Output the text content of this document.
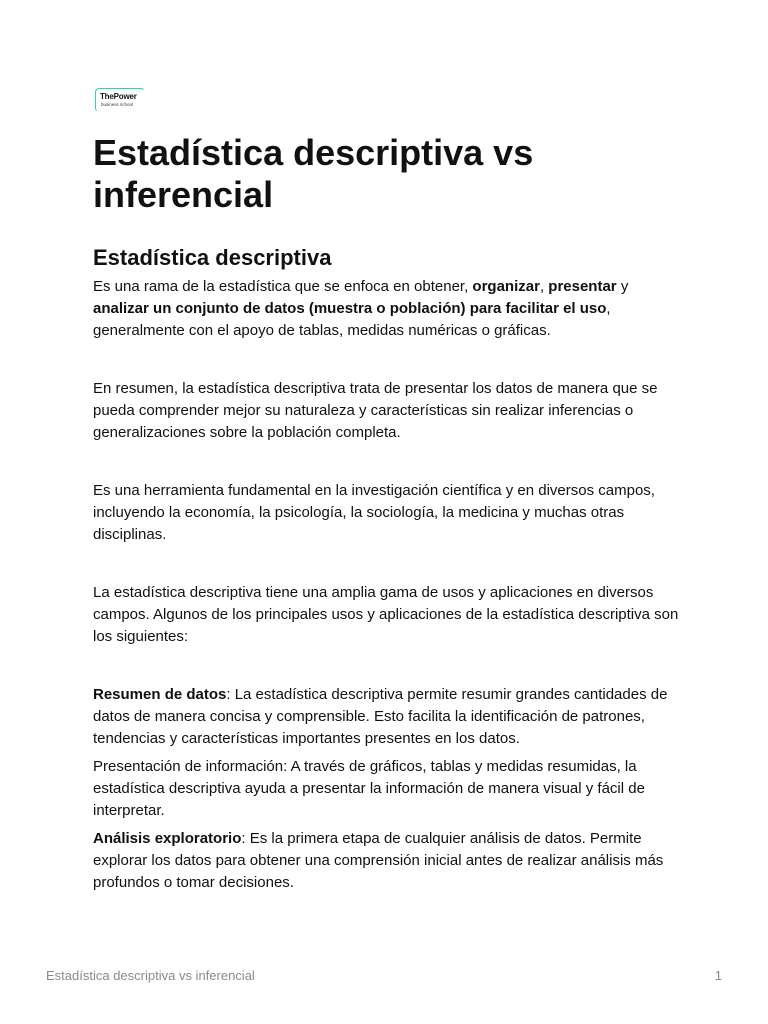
ThePower
business school
Estadística descriptiva vs inferencial
Estadística descriptiva

Es una rama de la estadística que se enfoca en obtener, organizar, presentar y analizar un conjunto de datos (muestra o población) para facilitar el uso, generalmente con el apoyo de tablas, medidas numéricas o gráficas.

En resumen, la estadística descriptiva trata de presentar los datos de manera que se pueda comprender mejor su naturaleza y características sin realizar inferencias o generalizaciones sobre la población completa.

Es una herramienta fundamental en la investigación científica y en diversos campos, incluyendo la economía, la psicología, la sociología, la medicina y muchas otras disciplinas.

La estadística descriptiva tiene una amplia gama de usos y aplicaciones en diversos campos. Algunos de los principales usos y aplicaciones de la estadística descriptiva son los siguientes:

Resumen de datos: La estadística descriptiva permite resumir grandes cantidades de datos de manera concisa y comprensible. Esto facilita la identificación de patrones, tendencias y características importantes presentes en los datos.

Presentación de información: A través de gráficos, tablas y medidas resumidas, la estadística descriptiva ayuda a presentar la información de manera visual y fácil de interpretar.

Análisis exploratorio: Es la primera etapa de cualquier análisis de datos. Permite explorar los datos para obtener una comprensión inicial antes de realizar análisis más profundos o tomar decisiones.

Estadística descriptiva vs inferencial	1
